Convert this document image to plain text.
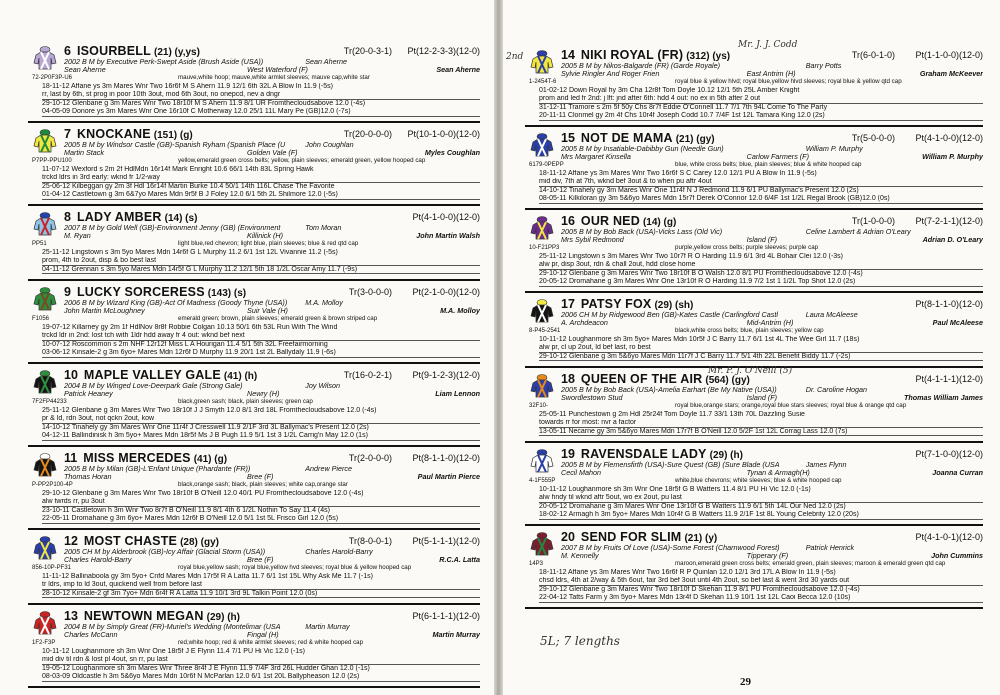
6 ISOURBELL (21) (y,ys)	Tr(20-0-3-1) Pt(12-2-3-3)(12-0)
2002 B M by Executive Perk-Swept Aside (Brush Aside (USA))	Sean Aherne
Sean Aherne	West Waterford (F)	Sean Aherne
72-2P0F3P-U6	mauve,white hoop; mauve,white armlet sleeves; mauve cap,white star
18-11-12 Affane ys 3m Mares Wnr Two 16r6f M S Ahern 11.9 12/1 6th 32L A Blow In 11.9 (-5s)
rr, last by 6th, st prog in poor 10th 3out, mod 6th 3out, no onepcd, nev a dngr
29-10-12 Glenbane g 3m Mares Wnr Two 18r10f M S Ahern 11.9 8/1 UR Fromthecloudsabove 12.0 (-4s)
04-05-09 Donore ys 3m Mares Wnr One 16r10f C Motherway 12.0 25/1 11L Mary Pe (GB)12.0 (-7s)
7 KNOCKANE (151) (g)	Tr(20-0-0-0) Pt(10-1-0-0)(12-0)
2005 B M by Windsor Castle (GB)-Spanish Ryham (Spanish Place (U	John Coughlan
Martin Stack	Golden Vale (F)	Myles Coughlan
P7PP-PPU100	yellow,emerald green cross belts; yellow, plain sleeves; emerald green, yellow hooped cap
11-07-12 Wexford s 2m 2f HdlMdn 16r14f Mark Enright 10.6 66/1 14th 83L Spring Hawk
trckd ldrs in 3rd early: wknd fr 1/2-way
25-06-12 Kilbeggan gy 2m 3f Hdl 16r14f Martin Burke 10.4 50/1 14th 116L Chase The Favorite
01-04-12 Castletown g 3m 6&7yo Mares Mdn 9r5f B J Foley 12.0 6/1 5th 2L Shilmore 12.0 (-5s)
8 LADY AMBER (14) (s)	Pt(4-1-0-0)(12-0)
2007 B M by Gold Well (GB)-Environment Jenny (GB) (Environment	Tom Moran
M. Ryan	Killinick (H)	John Martin Walsh
PP51	light blue,red chevron; light blue, plain sleeves; blue & red qtd cap
25-11-12 Lingstown s 3m 5yo Mares Mdn 14r6f G L Murphy 11.2 6/1 1st 12L Vivannie 11.2 (-5s)
prom, 4th to 2out, disp & bo best last
04-11-12 Grennan s 3m 5yo Mares Mdn 14r5f G L Murphy 11.2 12/1 5th 18 1/2L Oscar Amy 11.7 (-9s)
9 LUCKY SORCERESS (143) (s)	Tr(3-0-0-0) Pt(2-1-0-0)(12-0)
2006 B M by Wizard King (GB)-Act Of Madness (Goody Thyne (USA))	M.A. Molloy
John Martin McLoughney	Suir Vale (H)	M.A. Molloy
F1056	emerald green; brown, plain sleeves; emerald green & brown striped cap
19-07-12 Killarney gy 2m 1f HdlNov 8r8f Robbie Colgan 10.13 50/1 6th 53L Run With The Wind
trckd ldr in 2nd: lost tch with 1ldr hdd away fr 4 out: wknd bef next
10-07-12 Roscommon s 2m NHF 12r12f Miss L A Hourigan 11.4 5/1 5th 32L Freefairmorning
03-06-12 Kinsale-2 g 3m 6yo+ Mares Mdn 12r6f D Murphy 11.9 20/1 1st 2L Ballydaly 11.9 (-6s)
10 MAPLE VALLEY GALE (41) (h)	Tr(16-0-2-1) Pt(9-1-2-3)(12-0)
2004 B M by Winged Love-Deerpark Gale (Strong Gale)	Joy Wilson
Patrick Heaney	Newry (H)	Liam Lennon
7F2FP44233	black,green sash; black, plain sleeves; green cap
25-11-12 Glenbane g 3m Mares Wnr Two 18r10f J J Smyth 12.0 8/1 3rd 18L Fromthecloudsabove 12.0 (-4s)
pr & ld, rdn 3out, not qckn 2out, kow
14-10-12 Tinahely gy 3m Mares Wnr One 11r4f J Cresswell 11.9 2/1F 3rd 3L Ballymac's Present 12.0 (2s)
04-12-11 Ballindinisk h 3m 5yo+ Mares Mdn 18r5f Ms J B Pugh 11.9 5/1 1st 3 1/2L Carrig'n May 12.0 (1s)
11 MISS MERCEDES (41) (g)	Tr(2-0-0-0) Pt(8-1-1-0)(12-0)
2005 B M by Milan (GB)-L'Enfant Unique (Phardante (FR))	Andrew Pierce
Thomas Horan	Bree (F)	Paul Martin Pierce
P-PP2P100-4P	black,orange sash; black, plain sleeves; white cap,orange star
29-10-12 Glenbane g 3m Mares Wnr Two 18r10f B O'Neill 12.0 40/1 PU Fromthecloudsabove 12.0 (-4s)
alw twrds rr, pu 3out
23-10-11 Castletown h 3m Wnr Two 8r7f B O'Neill 11.9 8/1 4th 6 1/2L Nothin To Say 11.4 (4s)
22-05-11 Dromahane g 3m 6yo+ Mares Mdn 12r6f B O'Neill 12.0 5/1 1st 5L Frisco Girl 12.0 (5s)
12 MOST CHASTE (28) (gy)	Tr(8-0-0-1) Pt(5-1-1-1)(12-0)
2005 CH M by Alderbrook (GB)-Icy Affair (Glacial Storm (USA))	Charles Harold-Barry
Charles Harold-Barry	Bree (F)	R.C.A. Latta
856-10P-PF31	royal blue,yellow sash; royal blue,yellow hvd sleeves; royal blue & yellow hooped cap
11-11-12 Ballinaboola gy 3m 5yo+ Cnfd Mares Mdn 17r5f R A Latta 11.7 6/1 1st 15L Why Ask Me 11.7 (-1s)
tr ldrs, imp to ld 3out, quickend well from before last
28-10-12 Kinsale-2 gf 3m 7yo+ Mdn 6r4f R A Latta 11.9 10/1 3rd 9L Talkin Point 12.0 (0s)
13 NEWTOWN MEGAN (29) (h)	Pt(6-1-1-1)(12-0)
2004 B M by Simply Great (FR)-Muriel's Wedding (Montelimar (USA	Martin Murray
Charles McCann	Fingal (H)	Martin Murray
1F2-F3P	red,white hoop; red & white armlet sleeves; red & white hooped cap
10-11-12 Loughanmore sh 3m Wnr One 18r5f J E Flynn 11.4 7/1 PU Hi Vic 12.0 (-1s)
mid div til rdn & lost pl 4out, sn rr, pu last
19-05-12 Loughanmore sh 3m Mares Wnr Three 8r4f J E Flynn 11.9 7/4F 3rd 26L Hudder Ghan 12.0 (-1s)
08-03-09 Oldcastle h 3m 5&6yo Mares Mdn 10r6f N McParlan 12.0 6/1 1st 20L Ballypheason 12.0 (2s)
14 NIKI ROYAL (FR) (312) (ys)	Tr(6-0-1-0) Pt(1-1-0-0)(12-0)
2005 B M by Nikos-Balgarde (FR) (Garde Royale)	Barry Potts
Sylvie Ringler And Roger Frien	East Antrim (H)	Graham McKeever
1-2454T-6	royal blue & yellow hlvd; royal blue,yellow hlvd sleeves; royal blue & yellow qtd cap
01-02-12 Down Royal hy 3m Cha 12r8f Tom Doyle 10.12 12/1 5th 25L Amber Knight
prom and led fr 2nd: j lft: jnd after 6th: hdd 4 out: no ex in 5th after 2 out
31-12-11 Tramore s 2m 5f 50y Chs 8r7f Eddie O'Connell 11.7 7/1 7th 94L Come To The Party
20-11-11 Clonmel gy 2m 4f Chs 10r4f Joseph Codd 10.7 7/4F 1st 12L Tamara King 12.0 (2s)
15 NOT DE MAMA (21) (gy)	Tr(5-0-0-0) Pt(4-1-0-0)(12-0)
2005 B M by Insatiable-Dabibby Gun (Needle Gun)	William P. Murphy
Mrs Margaret Kinsella	Carlow Farmers (F)	William P. Murphy
6179-0PEPP	blue, white cross belts; blue, plain sleeves; blue & white hooped cap
18-11-12 Affane ys 3m Mares Wnr Two 16r6f S C Carey 12.0 12/1 PU A Blow In 11.9 (-5s)
mid div, 7th at 7th, wknd bef 3out & to when pu aftr 4out
14-10-12 Tinahely gy 3m Mares Wnr One 11r4f N J Redmond 11.9 6/1 PU Ballymac's Present 12.0 (2s)
08-05-11 Kilkiloran gy 3m 5&6yo Mares Mdn 15r7f Derek O'Connor 12.0 6/4F 1st 1/2L Regal Brook (GB)12.0 (0s)
16 OUR NED (14) (g)	Tr(1-0-0-0) Pt(7-2-1-1)(12-0)
2005 B M by Bob Back (USA)-Vicks Lass (Old Vic)	Celine Lambert & Adrian O'Leary
Mrs Sybil Redmond	Island (F)	Adrian D. O'Leary
10-F21PP3	purple,yellow cross belts; purple sleeves; purple cap
25-11-12 Lingstown s 3m Mares Wnr Two 10r7f R O Harding 11.9 6/1 3rd 4L Bohair Clei 12.0 (-3s)
alw pr, disp 3out, rdn & chall 2out, hdd close home
29-10-12 Glenbane g 3m Mares Wnr Two 18r10f B O Walsh 12.0 8/1 PU Fromthecloudsabove 12.0 (-4s)
20-05-12 Dromahane g 3m Mares Wnr One 13r10f R O Harding 11.9 7/2 1st 1 1/2L Top Shot 12.0 (2s)
17 PATSY FOX (29) (sh)	Pt(8-1-1-0)(12-0)
2006 CH M by Ridgewood Ben (GB)-Kates Castle (Carlingford Castl	Laura McAleese
A. Archdeacon	Mid-Antrim (H)	Paul McAleese
8-P45-2541	black,white cross belts; blue, plain sleeves; yellow cap
10-11-12 Loughanmore sh 3m 5yo+ Mares Mdn 10r5f J C Barry 11.7 6/1 1st 4L The Wee Girl 11.7 (18s)
alw pr, cl up 2out, ld bef last, ro best
29-10-12 Glenbane g 3m 5&6yo Mares Mdn 11r7f J C Barry 11.7 5/1 4th 22L Benefit Biddy 11.7 (-2s)
18 QUEEN OF THE AIR (564) (gy)	Pt(4-1-1-1)(12-0)
2005 B M by Bob Back (USA)-Amelia Earhart (Be My Native (USA))	Dr. Caroline Hogan
Swordlestown Stud	Island (F)	Thomas William James
32F10-	royal blue,orange stars; orange,royal blue stars sleeves; royal blue & orange qtd cap
25-05-11 Punchestown g 2m Hdl 25r24f Tom Doyle 11.7 33/1 13th 70L Dazzling Susie
towards rr for most: nvr a factor
13-05-11 Necarne gy 3m 5&6yo Mares Mdn 17r7f B O'Neill 12.0 5/2F 1st 12L Corrag Lass 12.0 (7s)
19 RAVENSDALE LADY (29) (h)	Pt(7-1-0-0)(12-0)
2005 B M by Flemensfirth (USA)-Sure Quest (GB) (Sure Blade (USA	James Flynn
Cecil Mahon	Tynan & Armagh(H)	Joanna Curran
4-1F555P	white,blue chevrons; white sleeves; blue & white hooped cap
10-11-12 Loughanmore sh 3m Wnr One 18r5f G B Watters 11.4 8/1 PU Hi Vic 12.0 (-1s)
alw hndy til wknd aftr 5out, wo ex 2out, pu last
20-05-12 Dromahane g 3m Mares Wnr One 13r10f G B Watters 11.9 6/1 5th 14L Our Ned 12.0 (2s)
18-02-12 Armagh h 3m 5yo+ Mares Mdn 10r4f G B Watters 11.9 2/1F 1st 8L Young Celebrity 12.0 (20s)
20 SEND FOR SLIM (21) (y)	Pt(4-1-0-1)(12-0)
2007 B M by Fruits Of Love (USA)-Some Forest (Charnwood Forest)	Patrick Henrick
M. Kennelly	Tipperary (F)	John Cummins
14P3	maroon,emerald green cross belts; emerald green, plain sleeves; maroon & emerald green qtd cap
18-11-12 Affane ys 3m Mares Wnr Two 16r6f R P Quinlan 12.0 12/1 3rd 17L A Blow In 11.9 (-5s)
chsd ldrs, 4th at 2/way & 5th 6out, fair 3rd bef 3out until 4th 2out, so bef last & went 3rd 30 yards out
29-10-12 Glenbane g 3m Mares Wnr Two 18r10f D Skehan 11.9 8/1 PU Fromthecloudsabove 12.0 (-4s)
22-04-12 Tatts Farm y 3m 5yo+ Mares Mdn 13r4f D Skehan 11.9 10/1 1st 12L Caoi Becca 12.0 (10s)
2nd
Mr. J. J. Codd
Mr. P. J. O'Neill (5)
5L; 7 lengths
29
